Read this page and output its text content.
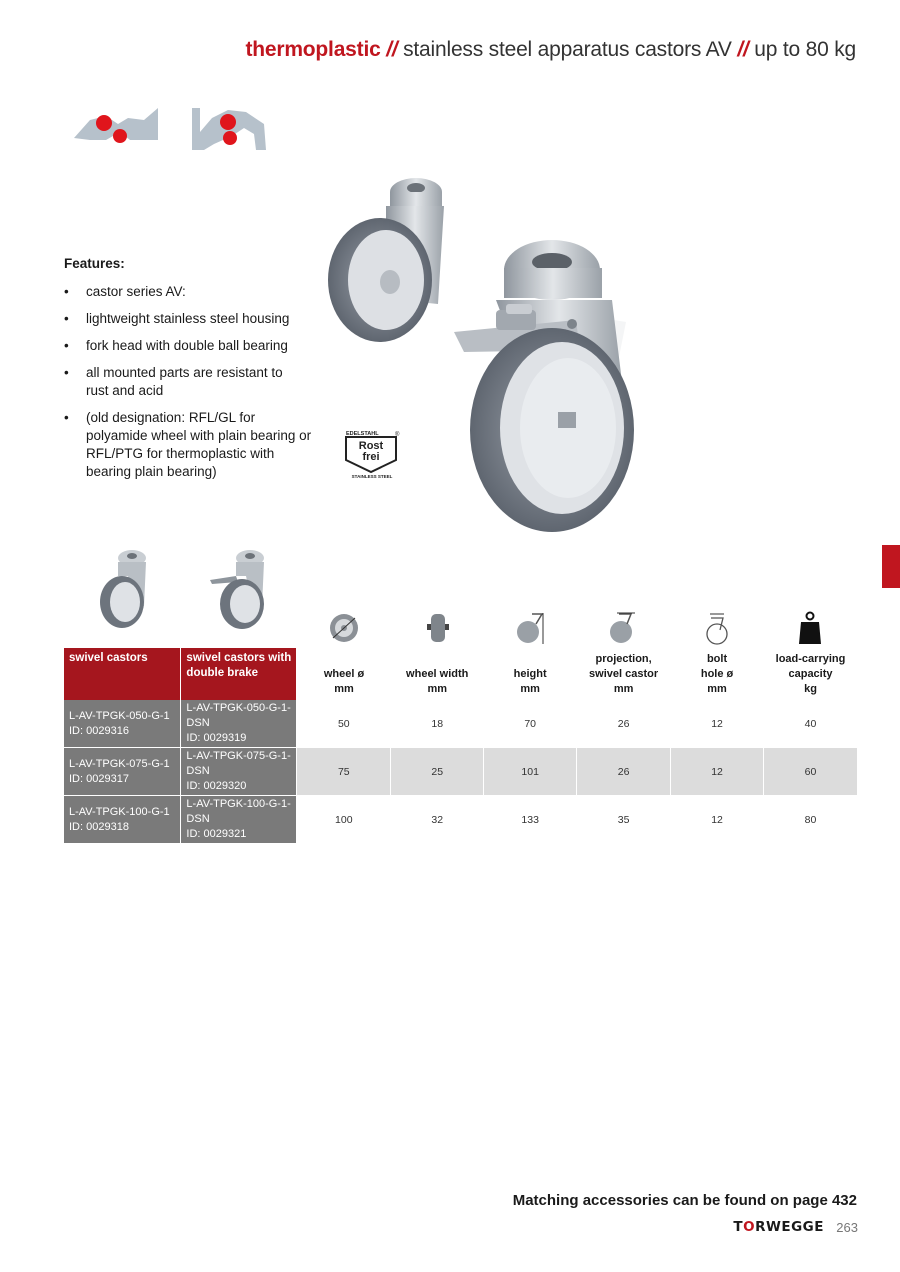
thermoplastic // stainless steel apparatus castors AV // up to 80 kg
Features:
• castor series AV:
• lightweight stainless steel housing
• fork head with double ball bearing
• all mounted parts are resistant to rust and acid
• (old designation: RFL/GL for polyamide wheel with plain bearing or RFL/PTG for thermoplastic with bearing plain bearing)
EDELSTAHL	®
Rost
frei
STAINLESS STEEL
swivel castors	swivel castors with double brake	wheel ø
mm	wheel width
mm	height
mm	projection,
swivel castor
mm	bolt
hole ø
mm	load-carrying
capacity
kg
L-AV-TPGK-050-G-1
ID: 0029316	L-AV-TPGK-050-G-1-DSN
ID: 0029319	50	18	70	26	12	40
L-AV-TPGK-075-G-1
ID: 0029317	L-AV-TPGK-075-G-1-DSN
ID: 0029320	75	25	101	26	12	60
L-AV-TPGK-100-G-1
ID: 0029318	L-AV-TPGK-100-G-1-DSN
ID: 0029321	100	32	133	35	12	80
Matching accessories can be found on page 432
TORWEGGE 263
